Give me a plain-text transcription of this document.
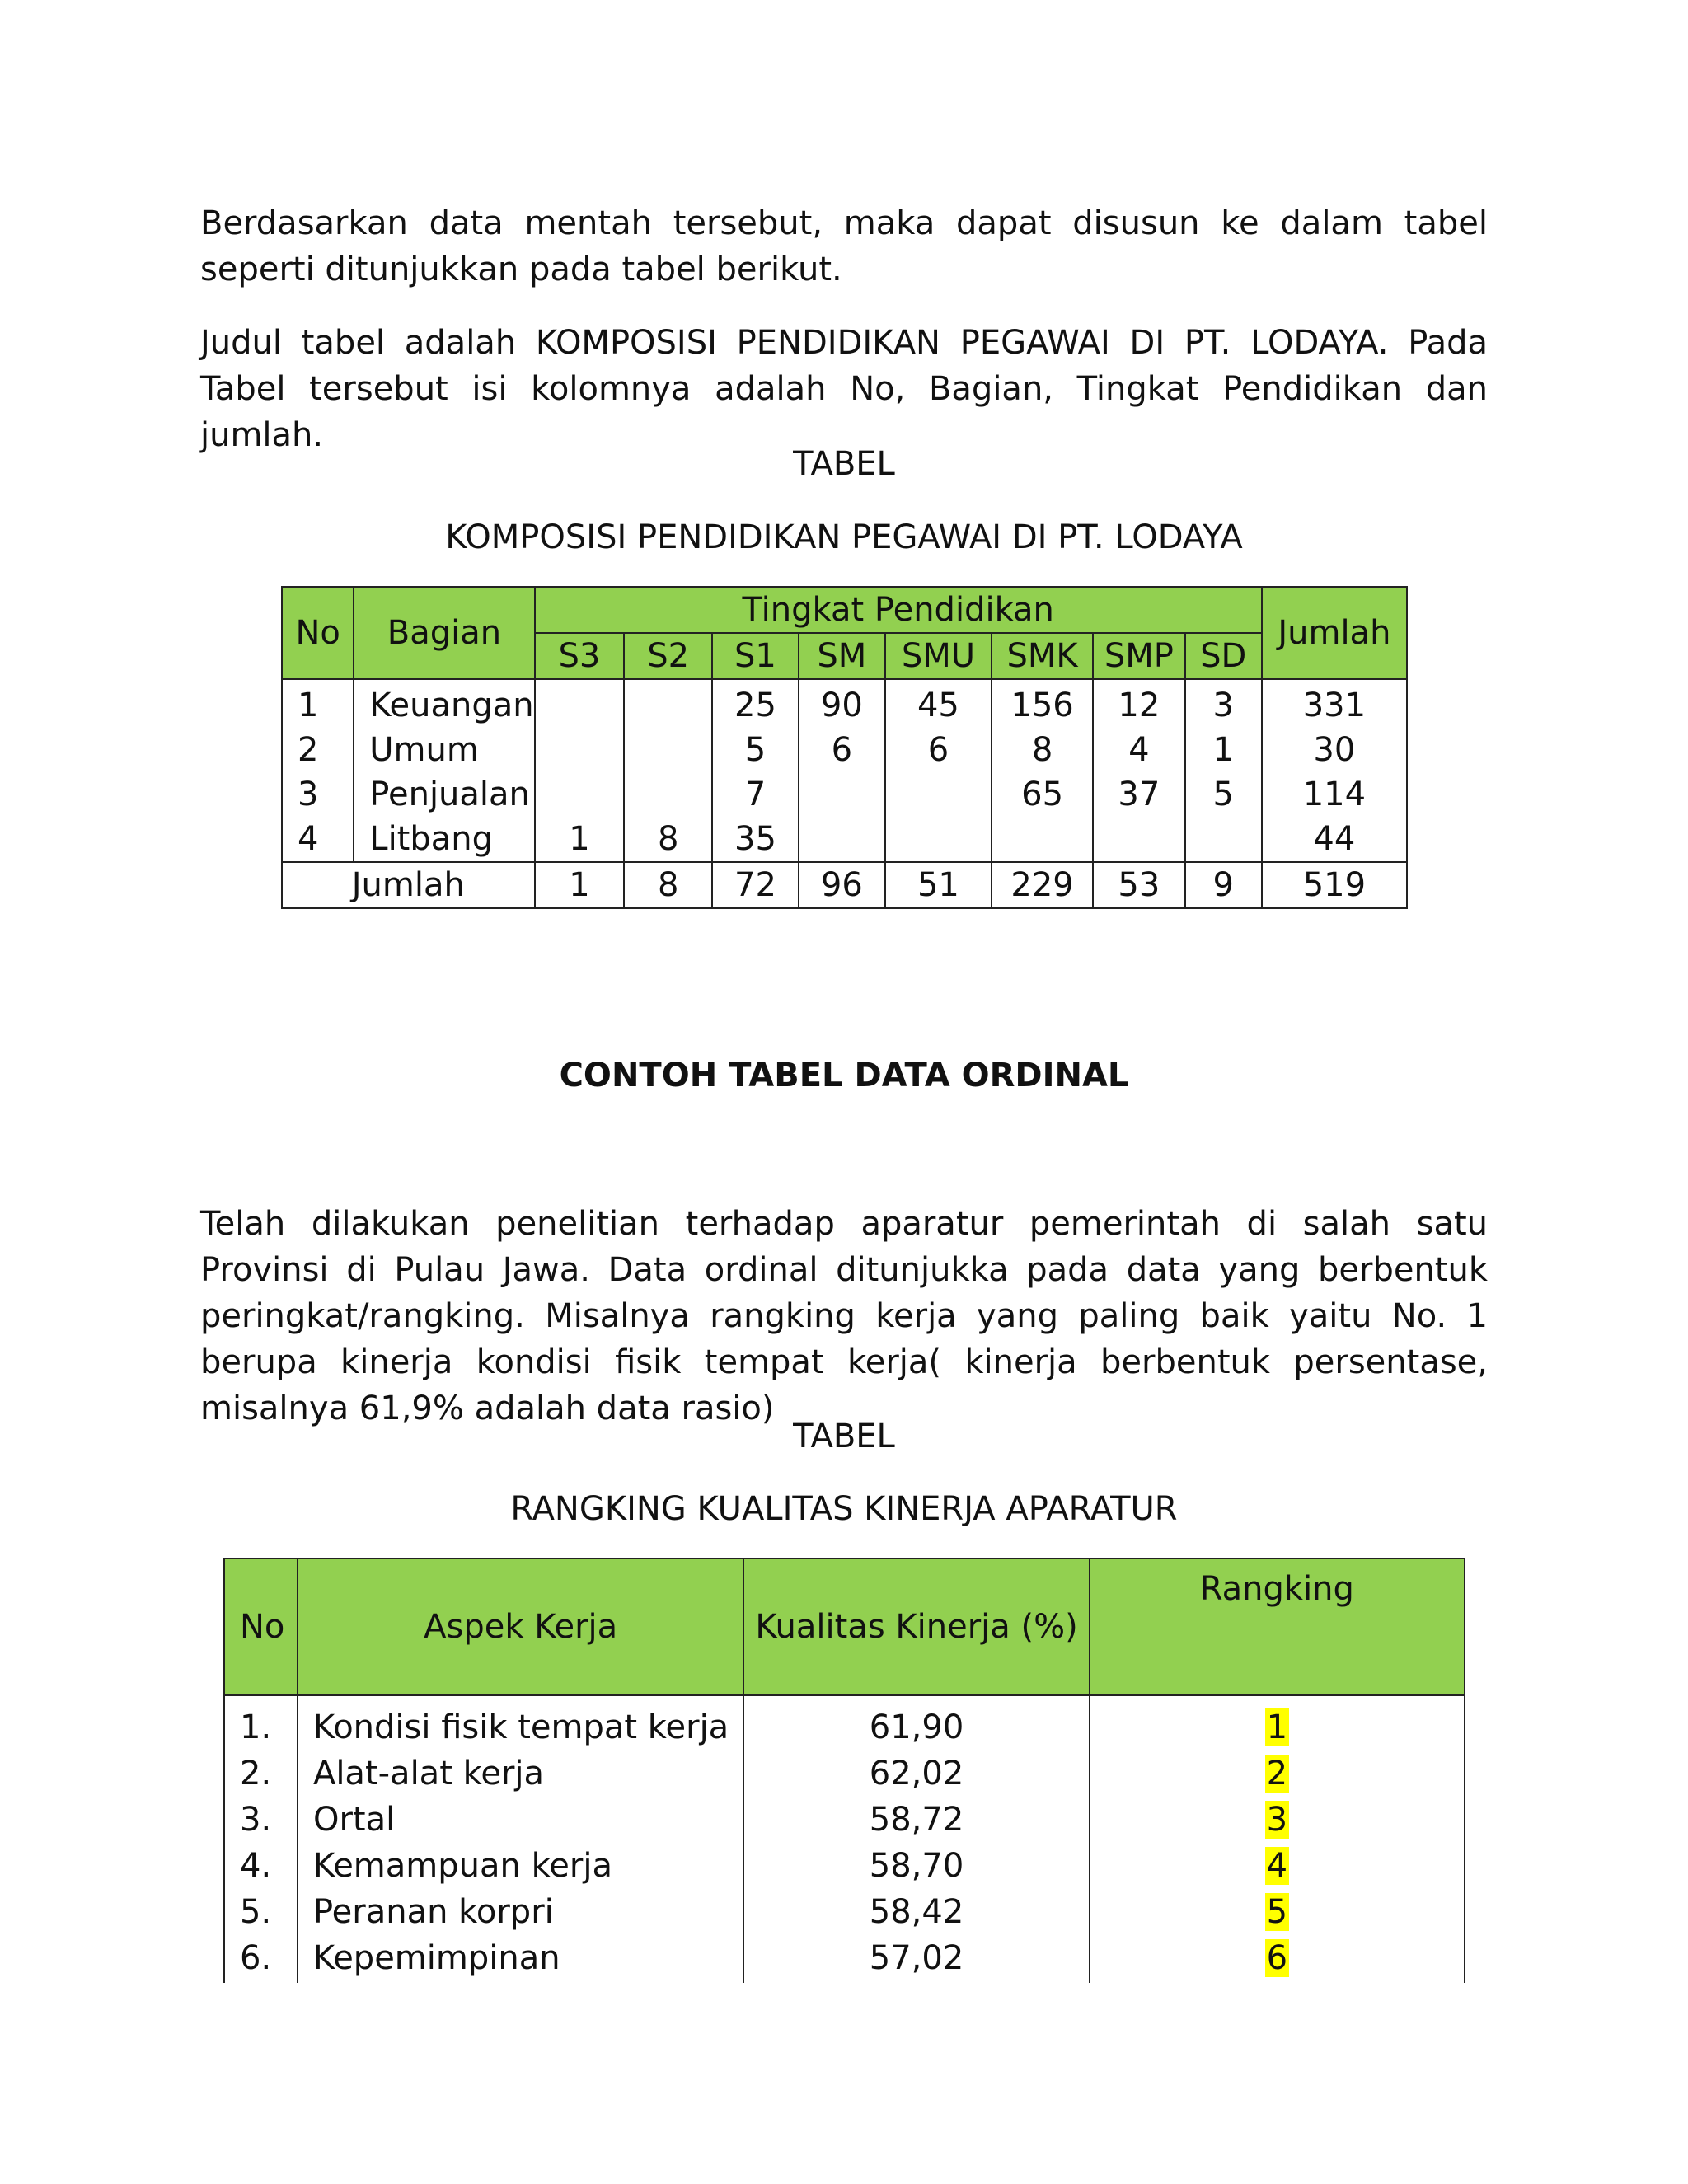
Berdasarkan data mentah tersebut, maka dapat disusun ke dalam tabel seperti ditunjukkan pada tabel berikut.

Judul tabel adalah KOMPOSISI PENDIDIKAN PEGAWAI DI PT. LODAYA. Pada Tabel tersebut isi kolomnya adalah No, Bagian, Tingkat Pendidikan dan jumlah.

TABEL

KOMPOSISI PENDIDIKAN PEGAWAI DI PT. LODAYA

No	Bagian	Tingkat Pendidikan								Jumlah
		S3	S2	S1	SM	SMU	SMK	SMP	SD	
1	Keuangan			25	90	45	156	12	3	331
2	Umum			5	6	6	8	4	1	30
3	Penjualan			7			65	37	5	114
4	Litbang	1	8	35						44
Jumlah		1	8	72	96	51	229	53	9	519

CONTOH TABEL DATA ORDINAL

Telah dilakukan penelitian terhadap aparatur pemerintah di salah satu Provinsi di Pulau Jawa. Data ordinal ditunjukka pada data yang berbentuk peringkat/rangking. Misalnya rangking kerja yang paling baik yaitu No. 1 berupa kinerja kondisi fisik tempat kerja( kinerja berbentuk persentase, misalnya 61,9% adalah data rasio)

TABEL

RANGKING KUALITAS KINERJA APARATUR

No	Aspek Kerja	Kualitas Kinerja (%)	Rangking
1.	Kondisi fisik tempat kerja	61,90	1
2.	Alat-alat kerja	62,02	2
3.	Ortal	58,72	3
4.	Kemampuan kerja	58,70	4
5.	Peranan korpri	58,42	5
6.	Kepemimpinan	57,02	6
